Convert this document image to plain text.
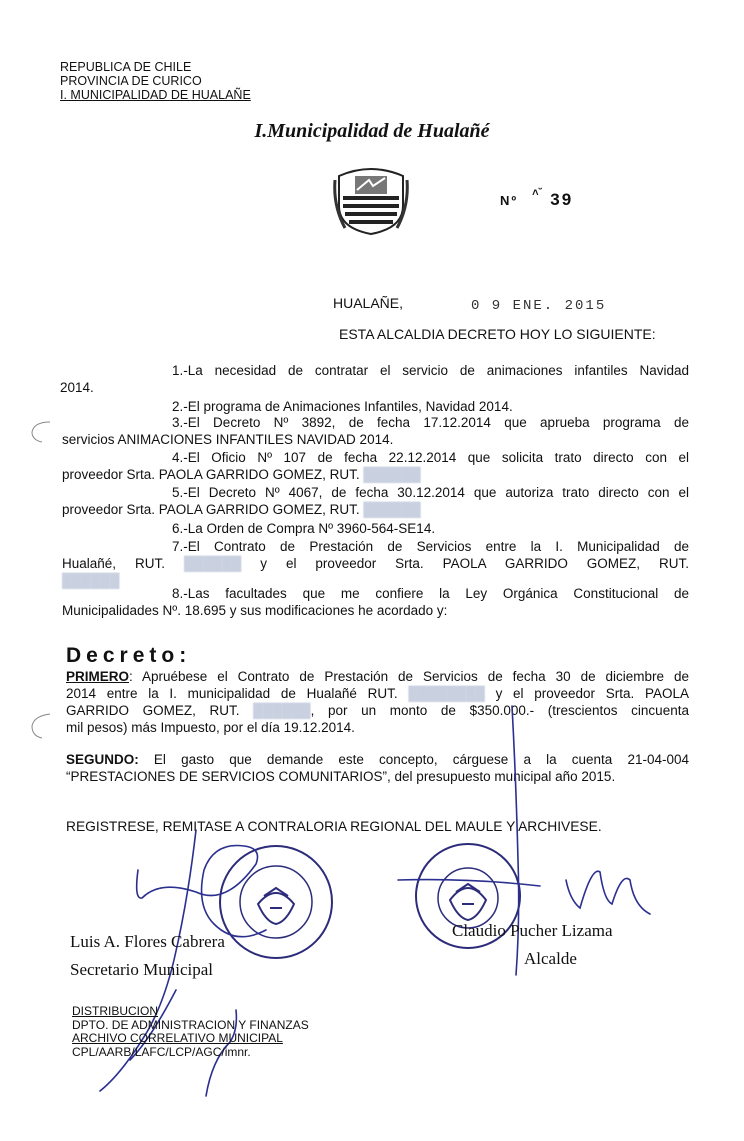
REPUBLICA DE CHILE
PROVINCIA DE CURICO
I. MUNICIPALIDAD DE HUALAÑE
I.Municipalidad de Hualañé
Nº ˄˘ 39
HUALAÑE,	0 9 ENE. 2015
ESTA ALCALDIA DECRETO HOY LO SIGUIENTE:
1.-La necesidad de contratar el servicio de animaciones infantiles Navidad
2014.
2.-El programa de Animaciones Infantiles, Navidad 2014.
3.-El Decreto Nº 3892, de fecha 17.12.2014 que aprueba programa de
servicios ANIMACIONES INFANTILES NAVIDAD 2014.
4.-El Oficio Nº 107 de fecha 22.12.2014 que solicita trato directo con el
proveedor Srta. PAOLA GARRIDO GOMEZ, RUT. ██████
5.-El Decreto Nº 4067, de fecha 30.12.2014 que autoriza trato directo con el
proveedor Srta. PAOLA GARRIDO GOMEZ, RUT. ██████
6.-La Orden de Compra Nº 3960-564-SE14.
7.-El Contrato de Prestación de Servicios entre la I. Municipalidad de
Hualañé, RUT. ██████ y el proveedor Srta. PAOLA GARRIDO GOMEZ, RUT.
██████
8.-Las facultades que me confiere la Ley Orgánica Constitucional de
Municipalidades Nº. 18.695 y sus modificaciones he acordado y:
Decreto:
PRIMERO: Apruébese el Contrato de Prestación de Servicios de fecha 30 de diciembre de
2014 entre la I. municipalidad de Hualañé RUT. ████████ y el proveedor Srta. PAOLA
GARRIDO GOMEZ, RUT. ██████, por un monto de $350.000.- (trescientos cincuenta
mil pesos) más Impuesto, por el día 19.12.2014.
SEGUNDO: El gasto que demande este concepto, cárguese a la cuenta 21-04-004
“PRESTACIONES DE SERVICIOS COMUNITARIOS”, del presupuesto municipal año 2015.
REGISTRESE, REMITASE A CONTRALORIA REGIONAL DEL MAULE Y ARCHIVESE.
Luis A. Flores Cabrera
Secretario Municipal
Claudio Pucher Lizama
Alcalde
DISTRIBUCION
DPTO. DE ADMINISTRACION Y FINANZAS
ARCHIVO CORRELATIVO MUNICIPAL
CPL/AARB/LAFC/LCP/AGC/imnr.
